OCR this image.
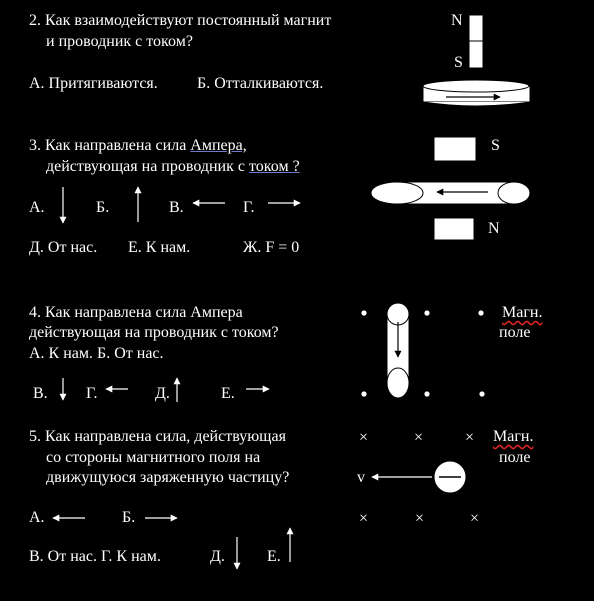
2. Как взаимодействуют постоянный магнит
и проводник с током?
А. Притягиваются. Б. Отталкиваются.
N
S
3. Как направлена сила Ампера,
действующая на проводник с током ?
А.	Б.	В.	Г.
Д. От нас. Е. К нам.	Ж. F = 0
S
N
4. Как направлена сила Ампера
действующая на проводник с током?
А. К нам. Б. От нас.
В. Г.	Д.	Е.
Магн.
поле
5. Как направлена сила, действующая
со стороны магнитного поля на
движущуюся заряженную частицу?
А.	Б.
В. От нас. Г. К нам.	Д.	Е.
Магн.
поле
v
×	×	×
×	×	×
